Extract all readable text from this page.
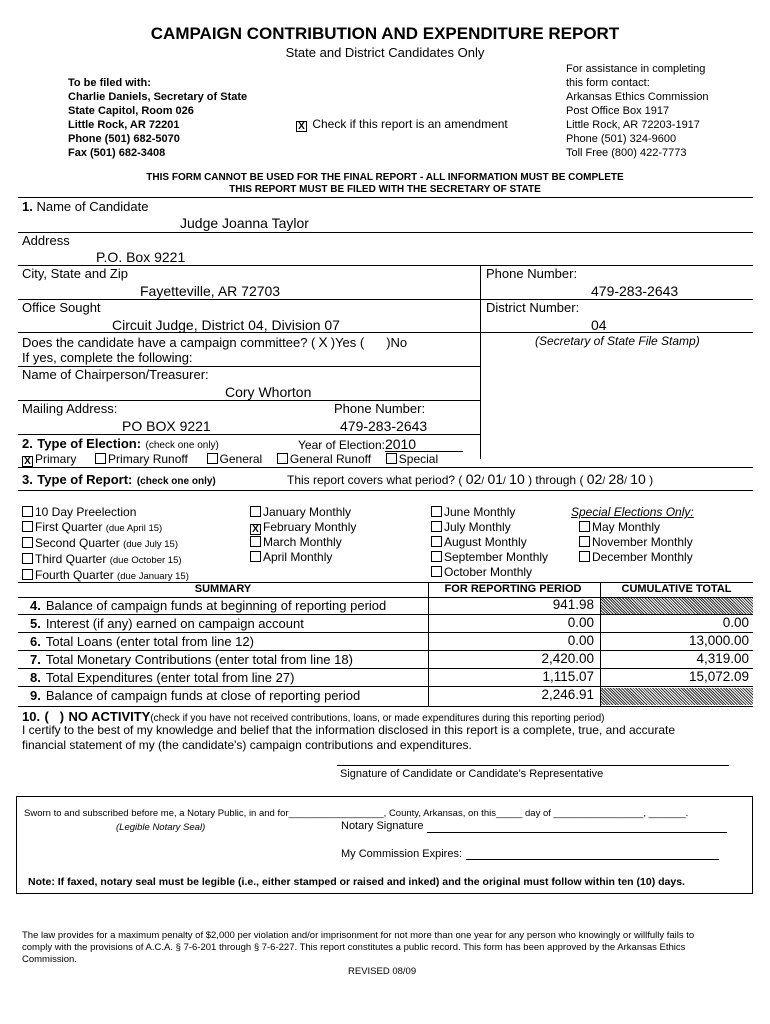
CAMPAIGN CONTRIBUTION AND EXPENDITURE REPORT
State and District Candidates Only
To be filed with:
Charlie Daniels, Secretary of State
State Capitol, Room 026
Little Rock, AR 72201
Phone (501) 682-5070
Fax (501) 682-3408
X Check if this report is an amendment
For assistance in completing
this form contact:
Arkansas Ethics Commission
Post Office Box 1917
Little Rock, AR 72203-1917
Phone (501) 324-9600
Toll Free (800) 422-7773
THIS FORM CANNOT BE USED FOR THE FINAL REPORT - ALL INFORMATION MUST BE COMPLETE
THIS REPORT MUST BE FILED WITH THE SECRETARY OF STATE
1. Name of Candidate
Judge Joanna Taylor
Address
P.O. Box 9221
City, State and Zip
Fayetteville, AR 72703
Phone Number:
479-283-2643
Office Sought
Circuit Judge, District 04, Division 07
District Number:
04
Does the candidate have a campaign committee? ( X )Yes ( )No	(Secretary of State File Stamp)
If yes, complete the following:
Name of Chairperson/Treasurer:
Cory Whorton
Mailing Address:	Phone Number:
PO BOX 9221	479-283-2643
2. Type of Election: (check one only)	Year of Election:2010
X Primary	Primary Runoff	General General Runoff Special
3. Type of Report: (check one only)	This report covers what period? ( 02/ 01/ 10 ) through ( 02/ 28/ 10 )
10 Day Preelection
First Quarter (due April 15)
Second Quarter (due July 15)
Third Quarter (due October 15)
Fourth Quarter (due January 15)
January Monthly
X February Monthly
March Monthly
April Monthly
June Monthly
July Monthly
August Monthly
September Monthly
October Monthly
Special Elections Only:
May Monthly
November Monthly
December Monthly
SUMMARY	FOR REPORTING PERIOD	CUMULATIVE TOTAL
4. Balance of campaign funds at beginning of reporting period	941.98
5. Interest (if any) earned on campaign account	0.00	0.00
6. Total Loans (enter total from line 12)	0.00	13,000.00
7. Total Monetary Contributions (enter total from line 18)	2,420.00	4,319.00
8. Total Expenditures (enter total from line 27)	1,115.07	15,072.09
9. Balance of campaign funds at close of reporting period	2,246.91
10. (   ) NO ACTIVITY(check if you have not received contributions, loans, or made expenditures during this reporting period)
I certify to the best of my knowledge and belief that the information disclosed in this report is a complete, true, and accurate
financial statement of my (the candidate's) campaign contributions and expenditures.
Signature of Candidate or Candidate's Representative
Sworn to and subscribed before me, a Notary Public, in and for__________________, County, Arkansas, on this_____ day of _________________, _______.
(Legible Notary Seal)	Notary Signature
My Commission Expires:
Note: If faxed, notary seal must be legible (i.e., either stamped or raised and inked) and the original must follow within ten (10) days.
The law provides for a maximum penalty of $2,000 per violation and/or imprisonment for not more than one year for any person who knowingly or willfully fails to
comply with the provisions of A.C.A. § 7-6-201 through § 7-6-227. This report constitutes a public record. This form has been approved by the Arkansas Ethics
Commission.
REVISED 08/09
